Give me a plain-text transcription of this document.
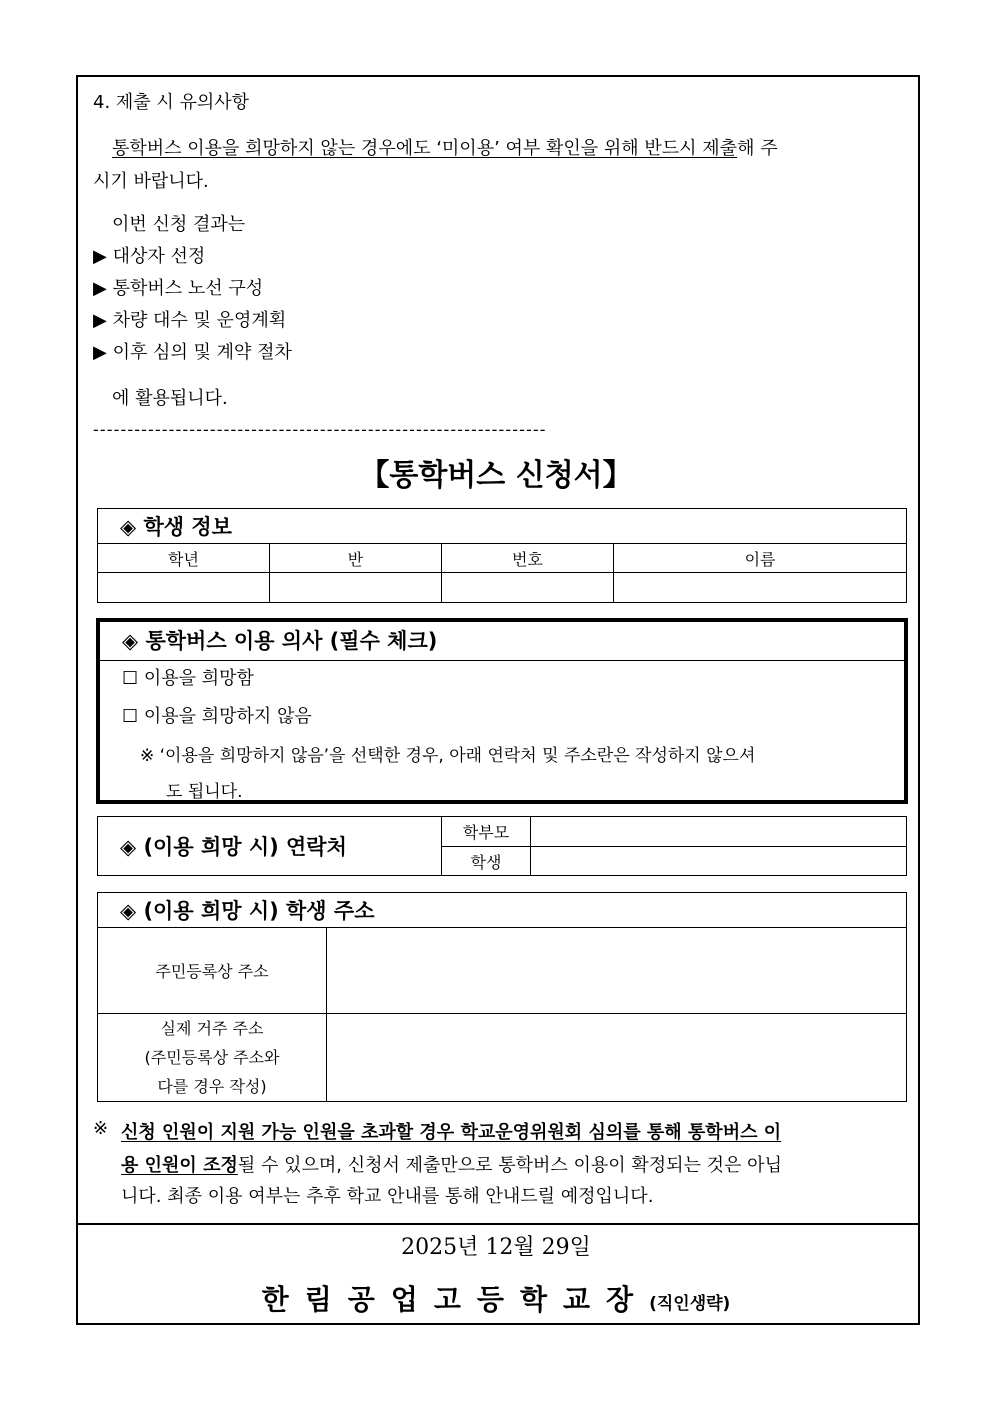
4. 제출 시 유의사항
통학버스 이용을 희망하지 않는 경우에도 ‘미이용’ 여부 확인을 위해 반드시 제출해 주
시기 바랍니다.
이번 신청 결과는
▶ 대상자 선정
▶ 통학버스 노선 구성
▶ 차량 대수 및 운영계획
▶ 이후 심의 및 계약 절차
에 활용됩니다.
------------------------------------------------------------------
【통학버스 신청서】
◈ 학생 정보			
학년	반	번호	이름

◈ 통학버스 이용 의사 (필수 체크)
☐ 이용을 희망함
☐ 이용을 희망하지 않음
※ ‘이용을 희망하지 않음’을 선택한 경우, 아래 연락처 및 주소란은 작성하지 않으셔
도 됩니다.
◈ (이용 희망 시) 연락처	학부모	
	학생	
◈ (이용 희망 시) 학생 주소	
주민등록상 주소	

실제 거주 주소
(주민등록상 주소와
다를 경우 작성)	

※ 신청 인원이 지원 가능 인원을 초과할 경우 학교운영위원회 심의를 통해 통학버스 이
용 인원이 조정될 수 있으며, 신청서 제출만으로 통학버스 이용이 확정되는 것은 아닙
니다. 최종 이용 여부는 추후 학교 안내를 통해 안내드릴 예정입니다.
2025년 12월 29일
한림공업고등학교장(직인생략)
